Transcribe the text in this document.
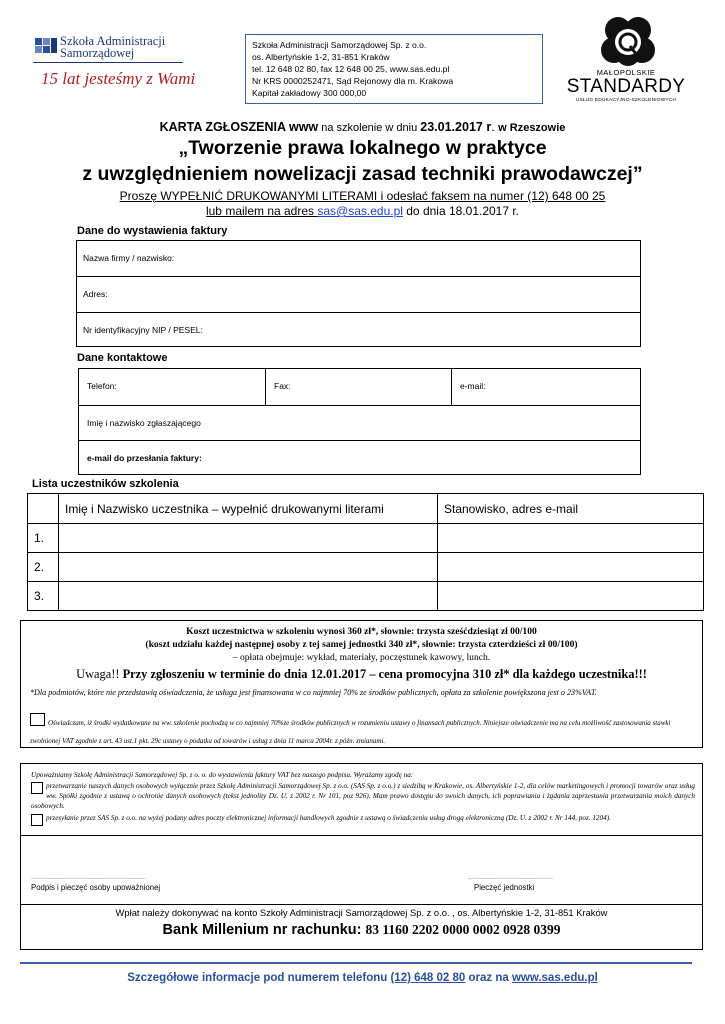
Szkoła Administracji
Samorządowej
15 lat jesteśmy z Wami
Szkoła Administracji Samorządowej Sp. z o.o.
os. Albertyńskie 1-2, 31-851 Kraków
tel. 12 648 02 80, fax 12 648 00 25, www.sas.edu.pl
Nr KRS 0000252471, Sąd Rejonowy dla m. Krakowa
Kapitał zakładowy 300 000,00
MAŁOPOLSKIE
STANDARDY
USŁUG EDUKACYJNO-SZKOLENIOWYCH
KARTA ZGŁOSZENIA www na szkolenie w dniu 23.01.2017 r. w Rzeszowie
„Tworzenie prawa lokalnego w praktyce
z uwzględnieniem nowelizacji zasad techniki prawodawczej”
Proszę WYPEŁNIĆ DRUKOWANYMI LITERAMI i odesłać faksem na numer (12) 648 00 25
lub mailem na adres sas@sas.edu.pl do dnia 18.01.2017 r.
Dane do wystawienia faktury
Nazwa firmy / nazwisko:
Adres:
Nr identyfikacyjny NIP / PESEL:
Dane kontaktowe
Telefon:	Fax:	e-mail:
Imię i nazwisko zgłaszającego
e-mail do przesłania faktury:
Lista uczestników szkolenia
	Imię i Nazwisko uczestnika – wypełnić drukowanymi literami	Stanowisko, adres e-mail
1.		
2.		
3.		
Koszt uczestnictwa w szkoleniu wynosi 360 zł*, słownie: trzysta sześćdziesiąt zł 00/100
(koszt udziału każdej następnej osoby z tej samej jednostki 340 zł*, słownie: trzysta czterdzieści zł 00/100)
– opłata obejmuje: wykład, materiały, poczęstunek kawowy, lunch.
Uwaga!! Przy zgłoszeniu w terminie do dnia 12.01.2017 – cena promocyjna 310 zł* dla każdego uczestnika!!!
*Dla podmiotów, które nie przedstawią oświadczenia, że usługa jest finansowana w co najmniej 70% ze środków publicznych, opłata za szkolenie powiększona jest o 23%VAT.
Oświadczam, iż środki wydatkowane na ww. szkolenie pochodzą w co najmniej 70%ze środków publicznych w rozumieniu ustawy o finansach publicznych. Niniejsze oświadczenie ma na celu możliwość zastosowania stawki zwolnionej VAT zgodnie z art. 43 ust.1 pkt. 29c ustawy o podatku od towarów i usług z dnia 11 marca 2004r. z późn. zmianami.
Upoważniamy Szkołę Administracji Samorządowej Sp. z o. o. do wystawienia faktury VAT bez naszego podpisu. Wyrażamy zgodę na:
przetwarzanie naszych danych osobowych wyłącznie przez Szkołę Administracji Samorządowej Sp. z o.o. (SAS Sp. z o.o.) z siedzibą w Krakowie, os. Albertyńskie 1-2, dla celów marketingowych i promocji towarów oraz usług ww. Spółki zgodnie z ustawą o ochronie danych osobowych (tekst jednolity Dz. U. z 2002 r. Nr 101, poz 926). Mam prawo dostępu do swoich danych, ich poprawiania i żądania zaprzestania przetwarzania moich danych osobowych.
przesyłanie przez SAS Sp. z o.o. na wyżej podany adres poczty elektronicznej informacji handlowych zgodnie z ustawą o świadczeniu usług drogą elektroniczną (Dz. U. z 2002 r. Nr 144, poz. 1204).
……………………………………………………………
Podpis i pieczęć osoby upoważnionej
……………………………………………
Pieczęć jednostki
Wpłat należy dokonywać na konto Szkoły Administracji Samorządowej Sp. z o.o. , os. Albertyńskie 1-2, 31-851 Kraków
Bank Millenium nr rachunku: 83 1160 2202 0000 0002 0928 0399
Szczegółowe informacje pod numerem telefonu (12) 648 02 80 oraz na www.sas.edu.pl
